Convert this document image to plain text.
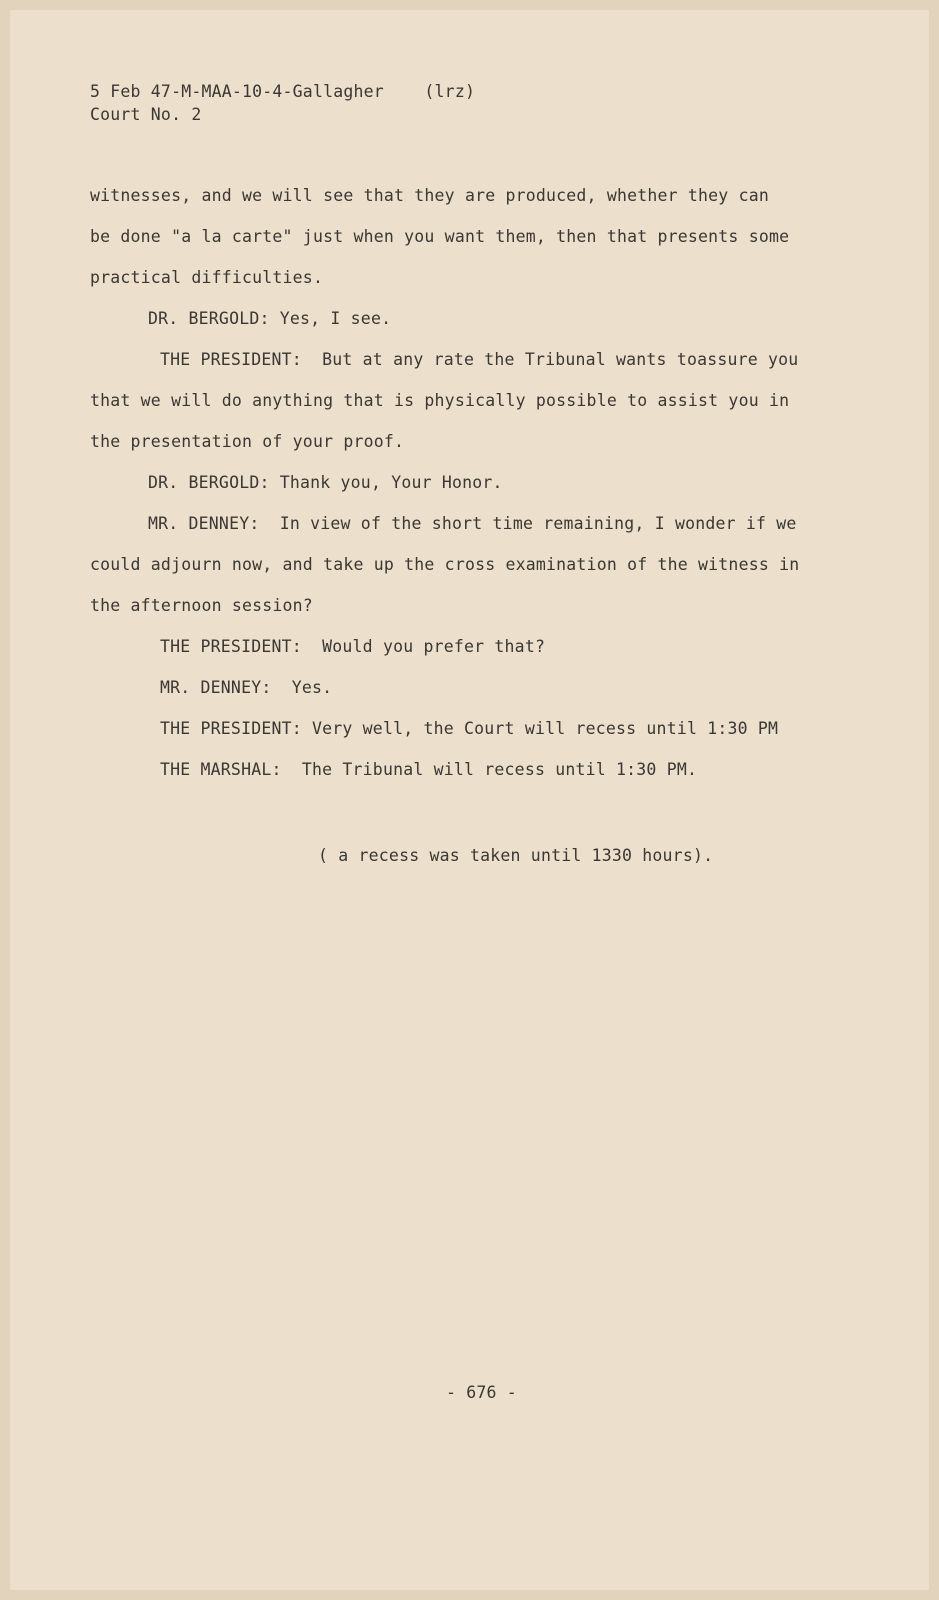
5 Feb 47-M-MAA-10-4-Gallagher    (lrz)
Court No. 2
witnesses, and we will see that they are produced, whether they can
be done "a la carte" just when you want them, then that presents some
practical difficulties.
DR. BERGOLD: Yes, I see.
THE PRESIDENT:  But at any rate the Tribunal wants toassure you
that we will do anything that is physically possible to assist you in
the presentation of your proof.
DR. BERGOLD: Thank you, Your Honor.
MR. DENNEY:  In view of the short time remaining, I wonder if we
could adjourn now, and take up the cross examination of the witness in
the afternoon session?
THE PRESIDENT:  Would you prefer that?
MR. DENNEY:  Yes.
THE PRESIDENT: Very well, the Court will recess until 1:30 PM
THE MARSHAL:  The Tribunal will recess until 1:30 PM.
( a recess was taken until 1330 hours).
- 676 -
